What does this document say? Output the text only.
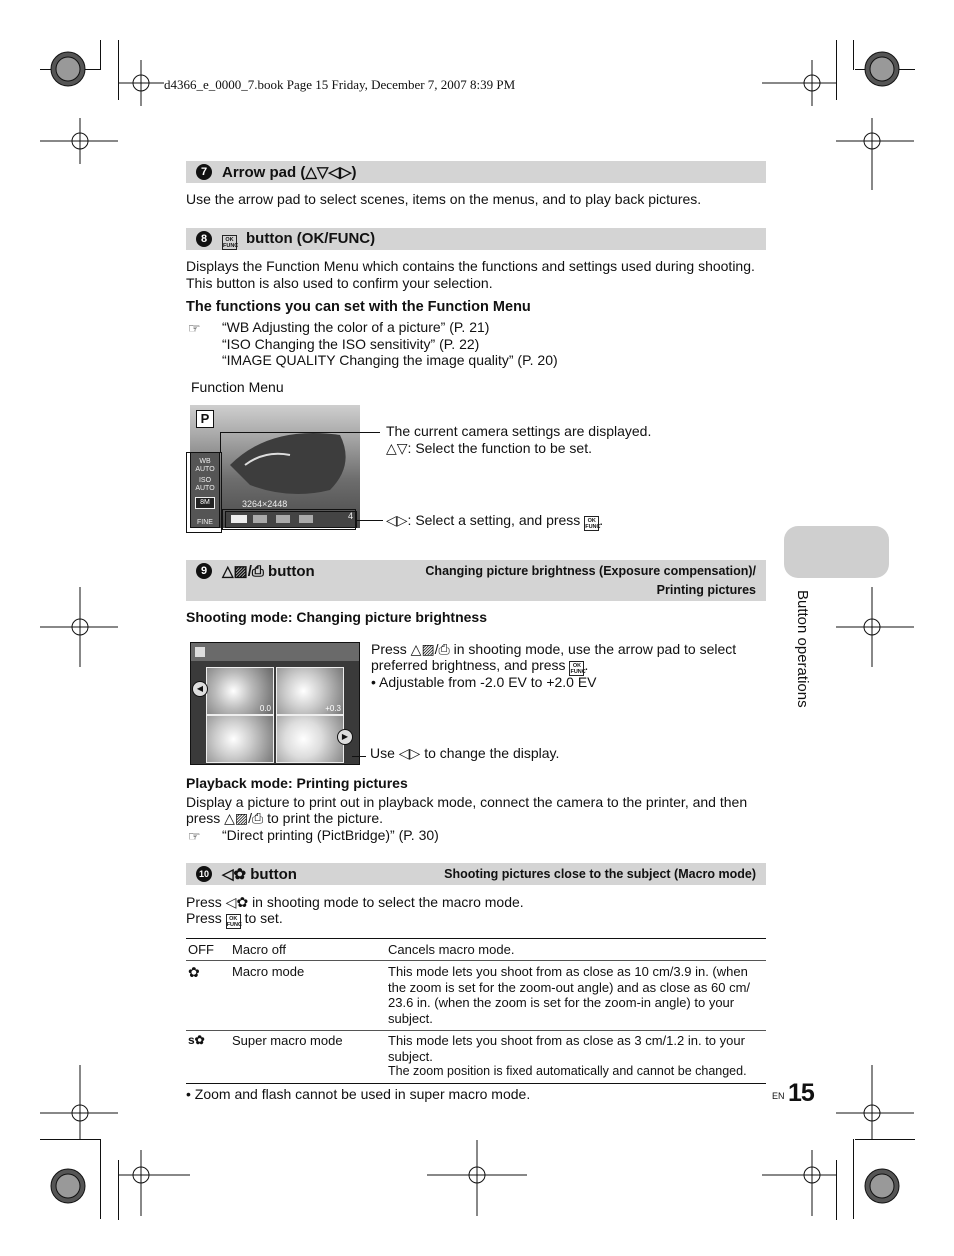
d4366_e_0000_7.book Page 15 Friday, December 7, 2007 8:39 PM
7 Arrow pad (△▽◁▷)
Use the arrow pad to select scenes, items on the menus, and to play back pictures.
8	OK
FUNC button (OK/FUNC)
Displays the Function Menu which contains the functions and settings used during shooting.
This button is also used to confirm your selection.
The functions you can set with the Function Menu
☞ “WB Adjusting the color of a picture” (P. 21)
“ISO Changing the ISO sensitivity” (P. 22)
“IMAGE QUALITY Changing the image quality” (P. 20)
Function Menu
P
WB AUTO
ISO AUTO
8M
FINE
3264×2448
4
The current camera settings are displayed.
△▽: Select the function to be set.
◁▷: Select a setting, and press OK
FUNC.
9 △▨/⎙ button	Changing picture brightness (Exposure compensation)/
Printing pictures
Shooting mode: Changing picture brightness
0.0	+0.3
◀
▶
Press △▨/⎙ in shooting mode, use the arrow pad to select
preferred brightness, and press OK
FUNC.
• Adjustable from -2.0 EV to +2.0 EV
Use ◁▷ to change the display.
Playback mode: Printing pictures
Display a picture to print out in playback mode, connect the camera to the printer, and then
press △▨/⎙ to print the picture.
☞ “Direct printing (PictBridge)” (P. 30)
10 ◁✿ button	Shooting pictures close to the subject (Macro mode)
Press ◁✿ in shooting mode to select the macro mode.
Press OK
FUNC to set.
OFF Macro off	Cancels macro mode.
✿ Macro mode	This mode lets you shoot from as close as 10 cm/3.9 in. (when
the zoom is set for the zoom-out angle) and as close as 60 cm/
23.6 in. (when the zoom is set for the zoom-in angle) to your
subject.
s✿ Super macro mode	This mode lets you shoot from as close as 3 cm/1.2 in. to your
subject.
The zoom position is fixed automatically and cannot be changed.
• Zoom and flash cannot be used in super macro mode.
Button operations
EN 15
